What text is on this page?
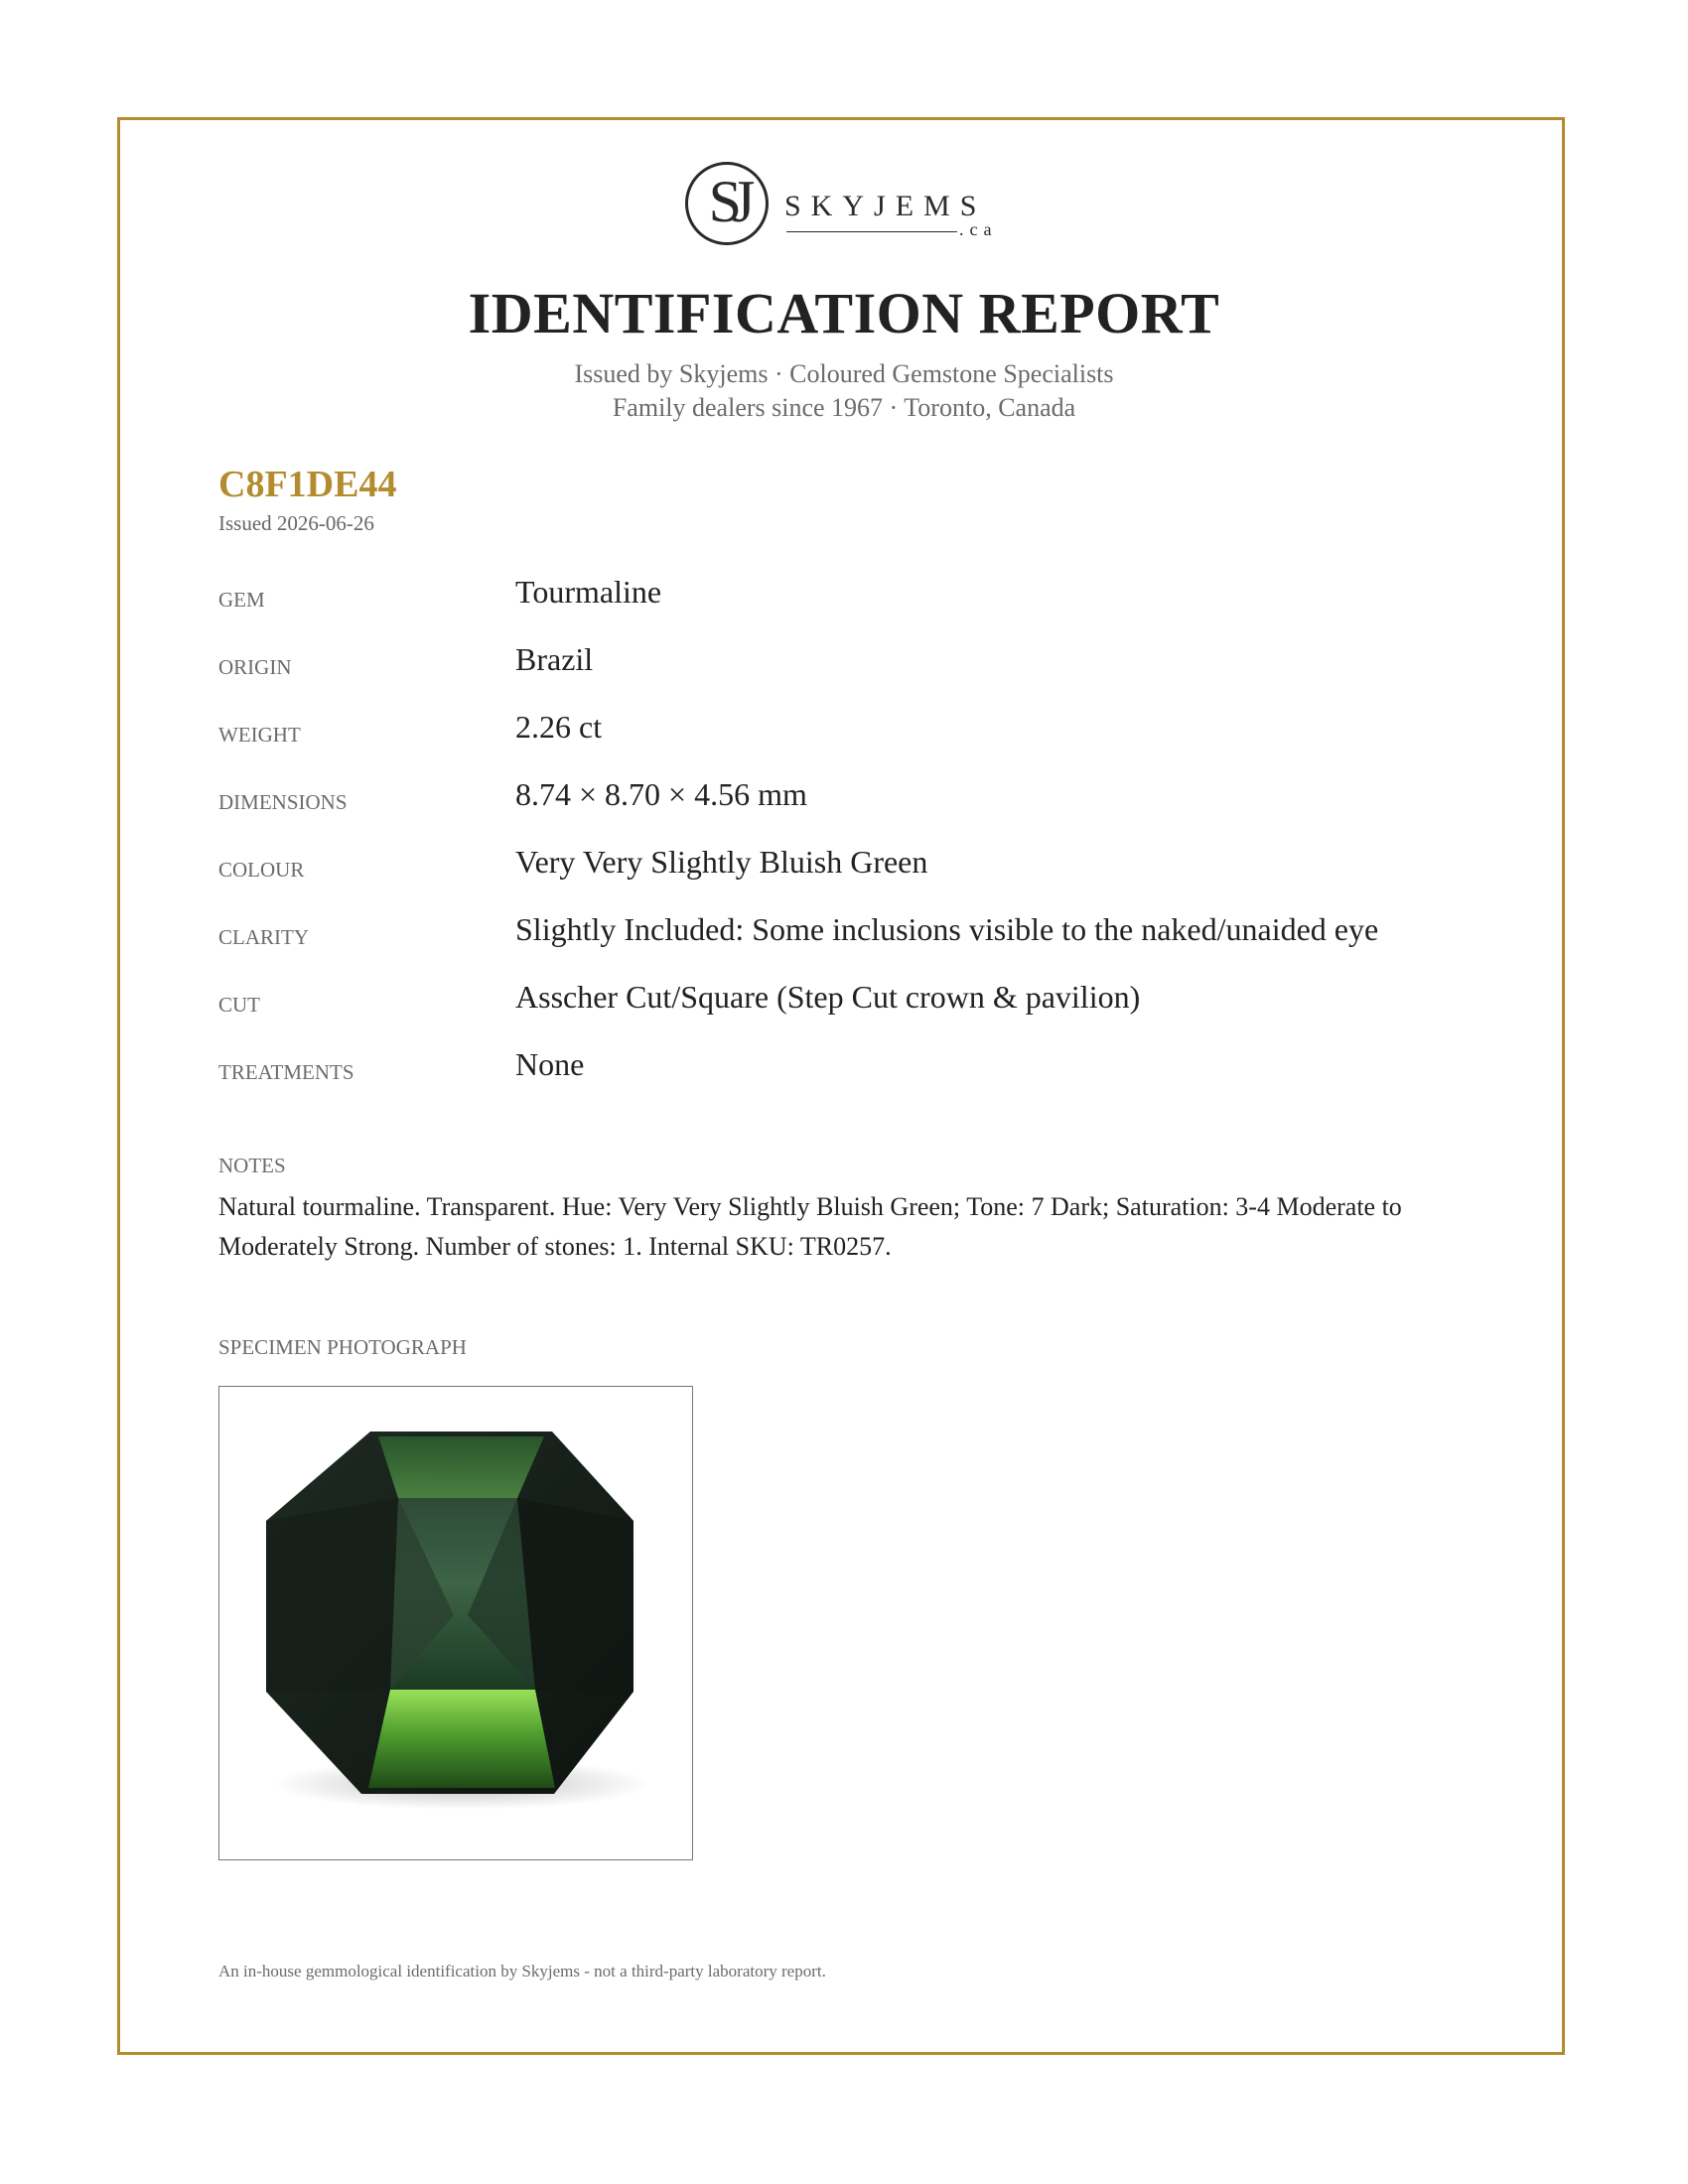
SJ	SKYJEMS
.ca
IDENTIFICATION REPORT
Issued by Skyjems · Coloured Gemstone Specialists
Family dealers since 1967 · Toronto, Canada
C8F1DE44
Issued 2026-06-26
GEM	Tourmaline
ORIGIN	Brazil
WEIGHT	2.26 ct
DIMENSIONS	8.74 × 8.70 × 4.56 mm
COLOUR	Very Very Slightly Bluish Green
CLARITY	Slightly Included: Some inclusions visible to the naked/unaided eye
CUT	Asscher Cut/Square (Step Cut crown & pavilion)
TREATMENTS	None
NOTES
Natural tourmaline. Transparent. Hue: Very Very Slightly Bluish Green; Tone: 7 Dark; Saturation: 3-4 Moderate to Moderately Strong. Number of stones: 1. Internal SKU: TR0257.
SPECIMEN PHOTOGRAPH
An in-house gemmological identification by Skyjems - not a third-party laboratory report.
